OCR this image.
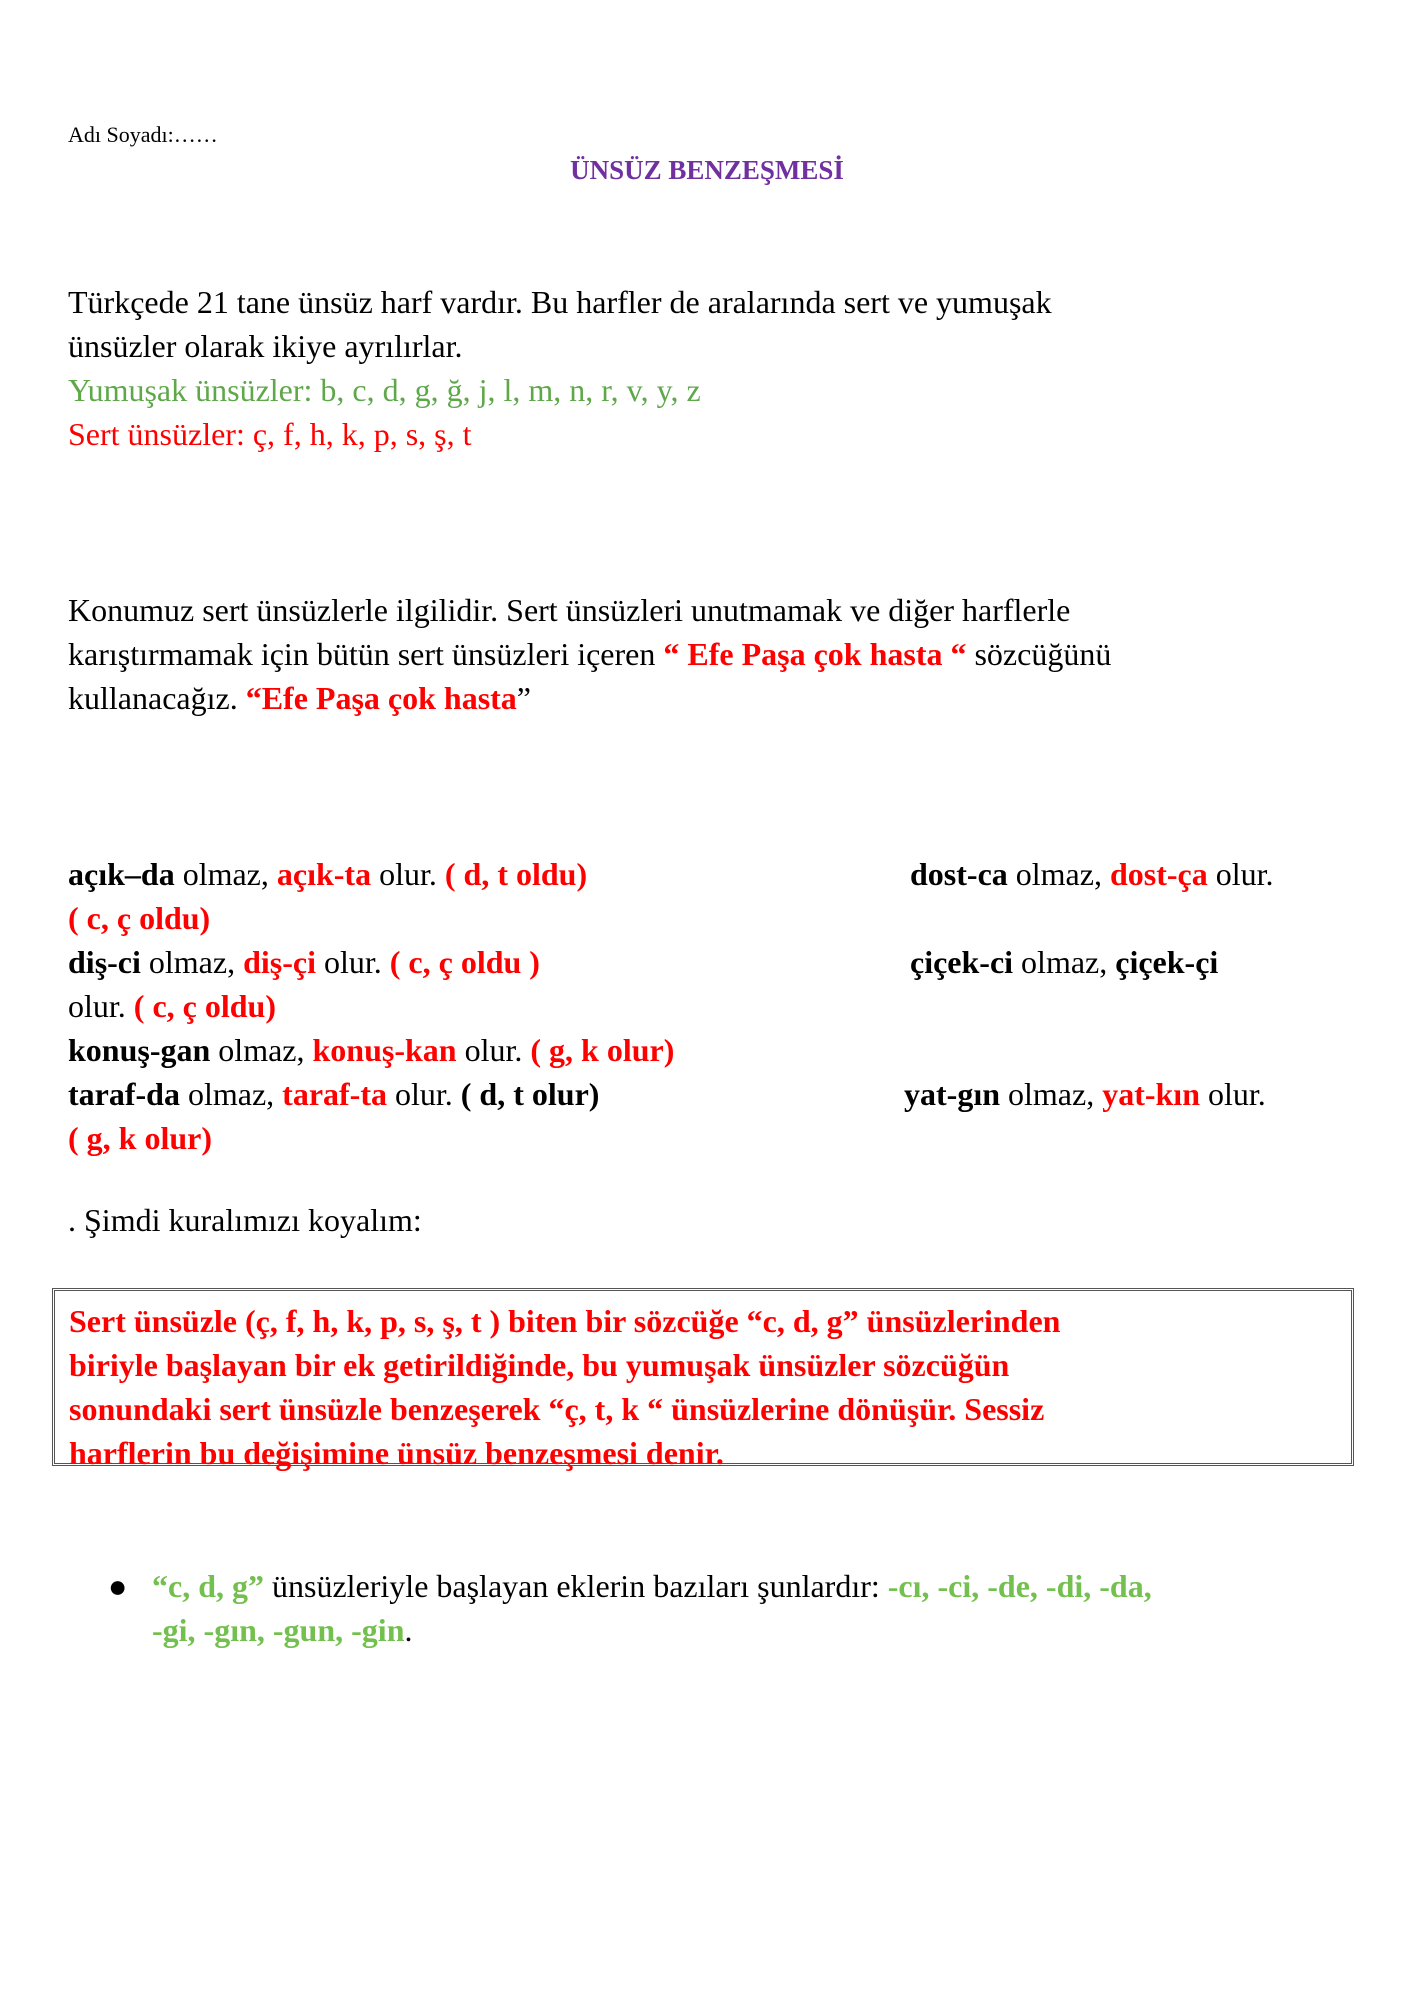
Adı Soyadı:……
ÜNSÜZ BENZEŞMESİ
Türkçede 21 tane ünsüz harf vardır. Bu harfler de aralarında sert ve yumuşak
ünsüzler olarak ikiye ayrılırlar.
Yumuşak ünsüzler: b, c, d, g, ğ, j, l, m, n, r, v, y, z
Sert ünsüzler: ç, f, h, k, p, s, ş, t
Konumuz sert ünsüzlerle ilgilidir. Sert ünsüzleri unutmamak ve diğer harflerle
karıştırmamak için bütün sert ünsüzleri içeren “ Efe Paşa çok hasta “ sözcüğünü
kullanacağız. “Efe Paşa çok hasta”
açık–da olmaz, açık-ta olur. ( d, t oldu)	dost-ca olmaz, dost-ça olur.
( c, ç oldu)
diş-ci olmaz, diş-çi olur. ( c, ç oldu )	çiçek-ci olmaz, çiçek-çi
olur. ( c, ç oldu)
konuş-gan olmaz, konuş-kan olur. ( g, k olur)
taraf-da olmaz, taraf-ta olur. ( d, t olur)	yat-gın olmaz, yat-kın olur.
( g, k olur)
. Şimdi kuralımızı koyalım:
Sert ünsüzle (ç, f, h, k, p, s, ş, t ) biten bir sözcüğe “c, d, g” ünsüzlerinden
biriyle başlayan bir ek getirildiğinde, bu yumuşak ünsüzler sözcüğün
sonundaki sert ünsüzle benzeşerek “ç, t, k “ ünsüzlerine dönüşür. Sessiz
harflerin bu değişimine ünsüz benzeşmesi denir.
● “c, d, g” ünsüzleriyle başlayan eklerin bazıları şunlardır: -cı, -ci, -de, -di, -da,
-gi, -gın, -gun, -gin.
